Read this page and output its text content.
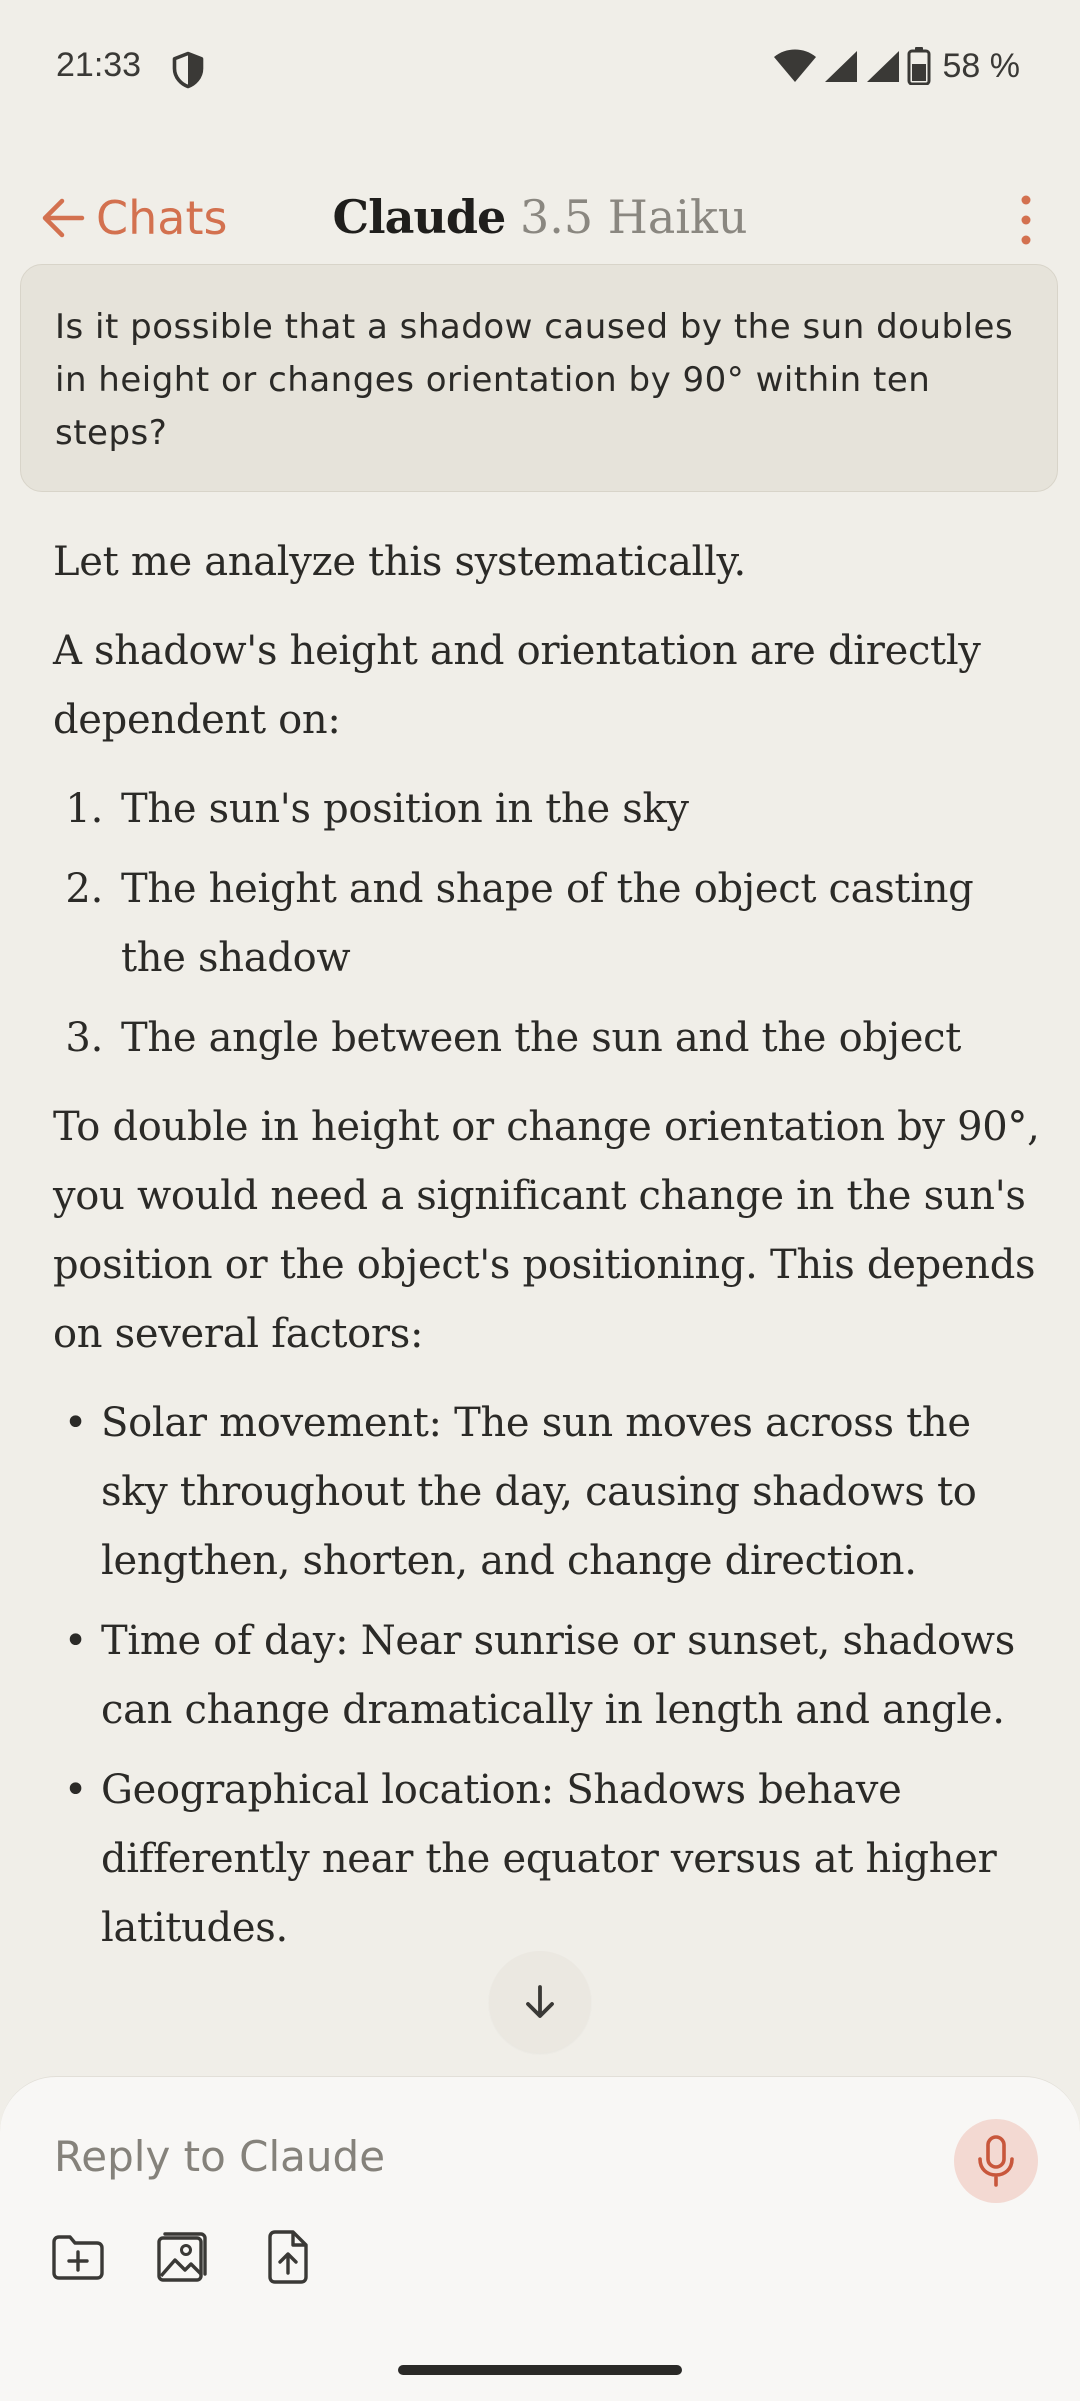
21:33	58 %
Chats	Claude 3.5 Haiku
Is it possible that a shadow caused by the sun doubles in height or changes orientation by 90° within ten steps?

Let me analyze this systematically.

A shadow's height and orientation are directly dependent on:

1. The sun's position in the sky
2. The height and shape of the object casting the shadow
3. The angle between the sun and the object

To double in height or change orientation by 90°, you would need a significant change in the sun's position or the object's positioning. This depends on several factors:

• Solar movement: The sun moves across the sky throughout the day, causing shadows to lengthen, shorten, and change direction.
• Time of day: Near sunrise or sunset, shadows can change dramatically in length and angle.
• Geographical location: Shadows behave differently near the equator versus at higher latitudes.
Reply to Claude
